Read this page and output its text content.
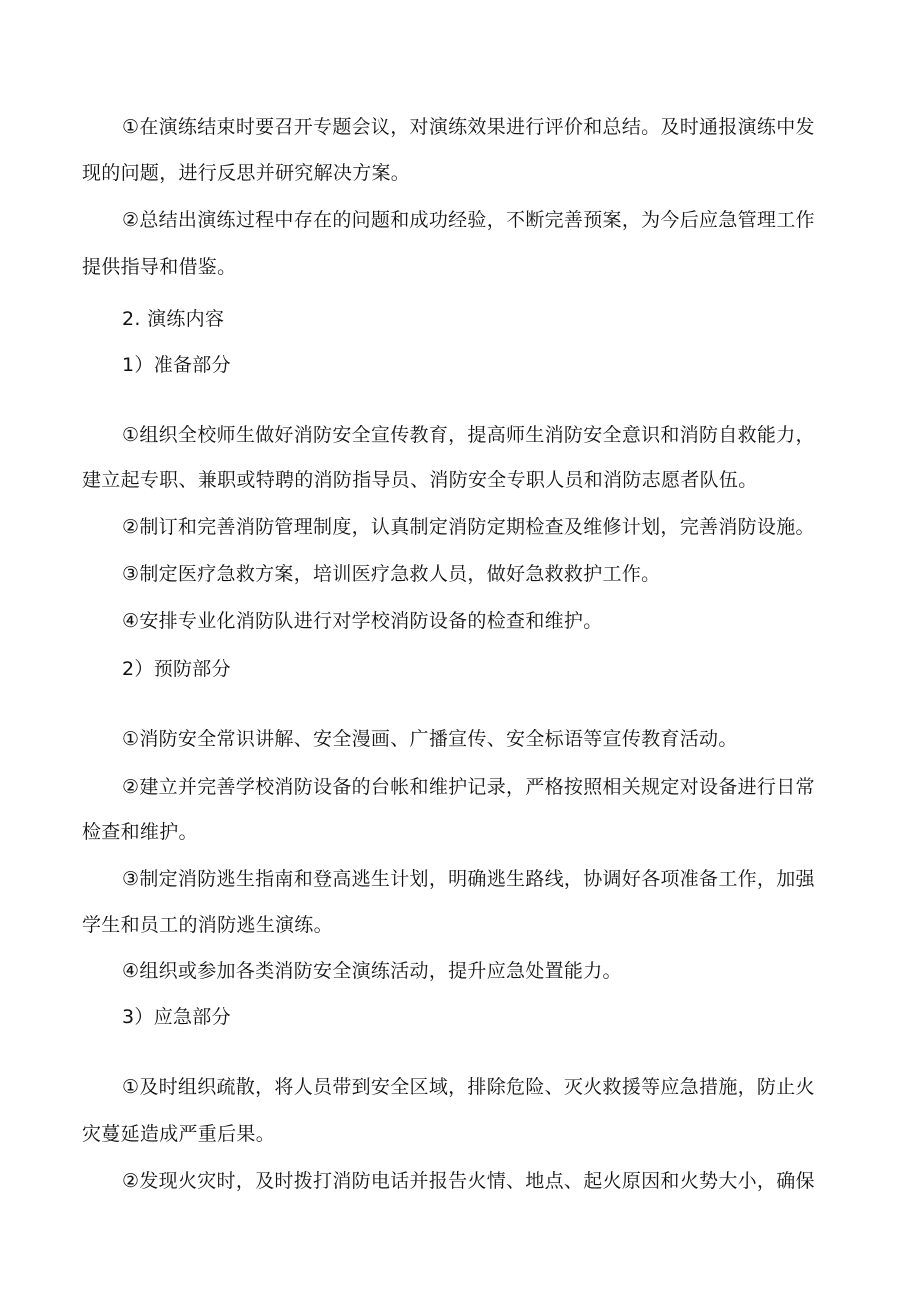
①在演练结束时要召开专题会议，对演练效果进行评价和总结。及时通报演练中发

现的问题，进行反思并研究解决方案。

②总结出演练过程中存在的问题和成功经验，不断完善预案，为今后应急管理工作

提供指导和借鉴。

2. 演练内容

1）准备部分

①组织全校师生做好消防安全宣传教育，提高师生消防安全意识和消防自救能力，

建立起专职、兼职或特聘的消防指导员、消防安全专职人员和消防志愿者队伍。

②制订和完善消防管理制度，认真制定消防定期检查及维修计划，完善消防设施。

③制定医疗急救方案，培训医疗急救人员，做好急救救护工作。

④安排专业化消防队进行对学校消防设备的检查和维护。

2）预防部分

①消防安全常识讲解、安全漫画、广播宣传、安全标语等宣传教育活动。

②建立并完善学校消防设备的台帐和维护记录，严格按照相关规定对设备进行日常

检查和维护。

③制定消防逃生指南和登高逃生计划，明确逃生路线，协调好各项准备工作，加强

学生和员工的消防逃生演练。

④组织或参加各类消防安全演练活动，提升应急处置能力。

3）应急部分

①及时组织疏散，将人员带到安全区域，排除危险、灭火救援等应急措施，防止火

灾蔓延造成严重后果。

②发现火灾时，及时拨打消防电话并报告火情、地点、起火原因和火势大小，确保
